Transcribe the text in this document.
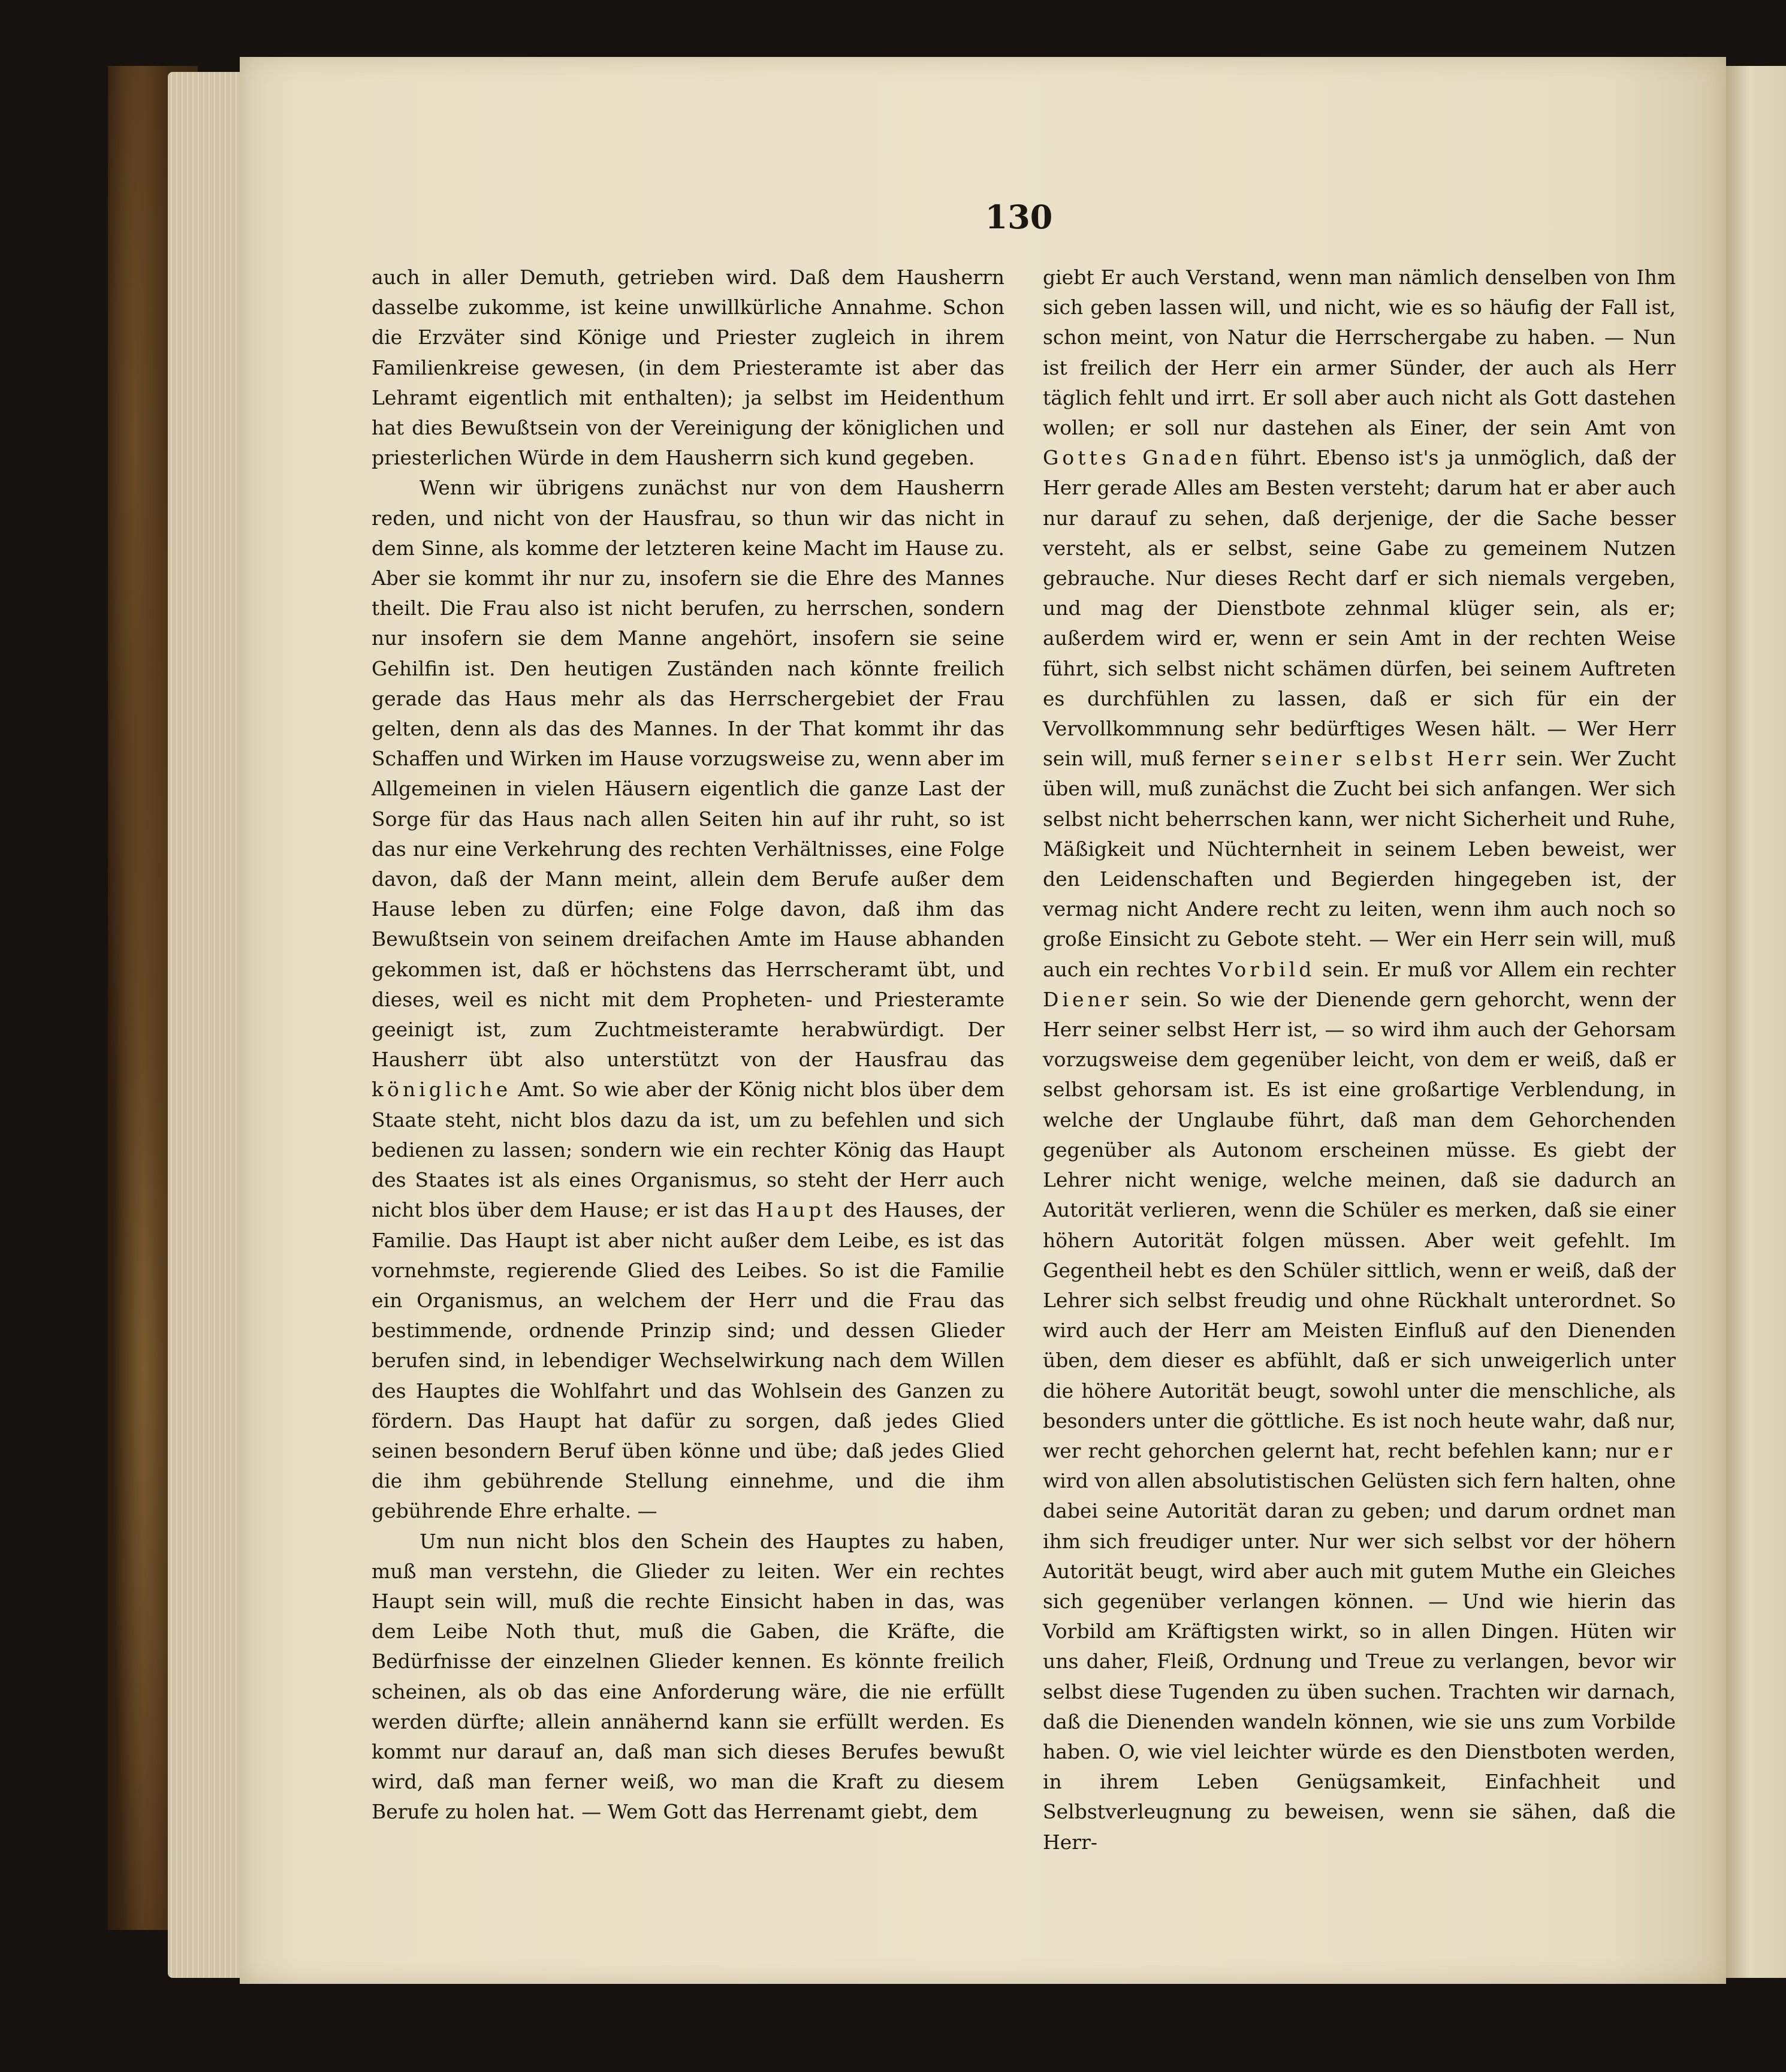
130

auch in aller Demuth, getrieben wird. Daß dem Hausherrn dasselbe zukomme, ist keine unwillkürliche Annahme. Schon die Erzväter sind Könige und Priester zugleich in ihrem Familienkreise gewesen, (in dem Priesteramte ist aber das Lehramt eigentlich mit enthalten); ja selbst im Heidenthum hat dies Bewußtsein von der Vereinigung der königlichen und priesterlichen Würde in dem Hausherrn sich kund gegeben.

Wenn wir übrigens zunächst nur von dem Hausherrn reden, und nicht von der Hausfrau, so thun wir das nicht in dem Sinne, als komme der letzteren keine Macht im Hause zu. Aber sie kommt ihr nur zu, insofern sie die Ehre des Mannes theilt. Die Frau also ist nicht berufen, zu herrschen, sondern nur insofern sie dem Manne angehört, insofern sie seine Gehilfin ist. Den heutigen Zuständen nach könnte freilich gerade das Haus mehr als das Herrschergebiet der Frau gelten, denn als das des Mannes. In der That kommt ihr das Schaffen und Wirken im Hause vorzugsweise zu, wenn aber im Allgemeinen in vielen Häusern eigentlich die ganze Last der Sorge für das Haus nach allen Seiten hin auf ihr ruht, so ist das nur eine Verkehrung des rechten Verhältnisses, eine Folge davon, daß der Mann meint, allein dem Berufe außer dem Hause leben zu dürfen; eine Folge davon, daß ihm das Bewußtsein von seinem dreifachen Amte im Hause abhanden gekommen ist, daß er höchstens das Herrscheramt übt, und dieses, weil es nicht mit dem Propheten- und Priesteramte geeinigt ist, zum Zuchtmeisteramte herabwürdigt. Der Hausherr übt also unterstützt von der Hausfrau das königliche Amt. So wie aber der König nicht blos über dem Staate steht, nicht blos dazu da ist, um zu befehlen und sich bedienen zu lassen; sondern wie ein rechter König das Haupt des Staates ist als eines Organismus, so steht der Herr auch nicht blos über dem Hause; er ist das Haupt des Hauses, der Familie. Das Haupt ist aber nicht außer dem Leibe, es ist das vornehmste, regierende Glied des Leibes. So ist die Familie ein Organismus, an welchem der Herr und die Frau das bestimmende, ordnende Prinzip sind; und dessen Glieder berufen sind, in lebendiger Wechselwirkung nach dem Willen des Hauptes die Wohlfahrt und das Wohlsein des Ganzen zu fördern. Das Haupt hat dafür zu sorgen, daß jedes Glied seinen besondern Beruf üben könne und übe; daß jedes Glied die ihm gebührende Stellung einnehme, und die ihm gebührende Ehre erhalte. —

Um nun nicht blos den Schein des Hauptes zu haben, muß man verstehn, die Glieder zu leiten. Wer ein rechtes Haupt sein will, muß die rechte Einsicht haben in das, was dem Leibe Noth thut, muß die Gaben, die Kräfte, die Bedürfnisse der einzelnen Glieder kennen. Es könnte freilich scheinen, als ob das eine Anforderung wäre, die nie erfüllt werden dürfte; allein annähernd kann sie erfüllt werden. Es kommt nur darauf an, daß man sich dieses Berufes bewußt wird, daß man ferner weiß, wo man die Kraft zu diesem Berufe zu holen hat. — Wem Gott das Herrenamt giebt, dem

giebt Er auch Verstand, wenn man nämlich denselben von Ihm sich geben lassen will, und nicht, wie es so häufig der Fall ist, schon meint, von Natur die Herrschergabe zu haben. — Nun ist freilich der Herr ein armer Sünder, der auch als Herr täglich fehlt und irrt. Er soll aber auch nicht als Gott dastehen wollen; er soll nur dastehen als Einer, der sein Amt von Gottes Gnaden führt. Ebenso ist's ja unmöglich, daß der Herr gerade Alles am Besten versteht; darum hat er aber auch nur darauf zu sehen, daß derjenige, der die Sache besser versteht, als er selbst, seine Gabe zu gemeinem Nutzen gebrauche. Nur dieses Recht darf er sich niemals vergeben, und mag der Dienstbote zehnmal klüger sein, als er; außerdem wird er, wenn er sein Amt in der rechten Weise führt, sich selbst nicht schämen dürfen, bei seinem Auftreten es durchfühlen zu lassen, daß er sich für ein der Vervollkommnung sehr bedürftiges Wesen hält. — Wer Herr sein will, muß ferner seiner selbst Herr sein. Wer Zucht üben will, muß zunächst die Zucht bei sich anfangen. Wer sich selbst nicht beherrschen kann, wer nicht Sicherheit und Ruhe, Mäßigkeit und Nüchternheit in seinem Leben beweist, wer den Leidenschaften und Begierden hingegeben ist, der vermag nicht Andere recht zu leiten, wenn ihm auch noch so große Einsicht zu Gebote steht. — Wer ein Herr sein will, muß auch ein rechtes Vorbild sein. Er muß vor Allem ein rechter Diener sein. So wie der Dienende gern gehorcht, wenn der Herr seiner selbst Herr ist, — so wird ihm auch der Gehorsam vorzugsweise dem gegenüber leicht, von dem er weiß, daß er selbst gehorsam ist. Es ist eine großartige Verblendung, in welche der Unglaube führt, daß man dem Gehorchenden gegenüber als Autonom erscheinen müsse. Es giebt der Lehrer nicht wenige, welche meinen, daß sie dadurch an Autorität verlieren, wenn die Schüler es merken, daß sie einer höhern Autorität folgen müssen. Aber weit gefehlt. Im Gegentheil hebt es den Schüler sittlich, wenn er weiß, daß der Lehrer sich selbst freudig und ohne Rückhalt unterordnet. So wird auch der Herr am Meisten Einfluß auf den Dienenden üben, dem dieser es abfühlt, daß er sich unweigerlich unter die höhere Autorität beugt, sowohl unter die menschliche, als besonders unter die göttliche. Es ist noch heute wahr, daß nur, wer recht gehorchen gelernt hat, recht befehlen kann; nur er wird von allen absolutistischen Gelüsten sich fern halten, ohne dabei seine Autorität daran zu geben; und darum ordnet man ihm sich freudiger unter. Nur wer sich selbst vor der höhern Autorität beugt, wird aber auch mit gutem Muthe ein Gleiches sich gegenüber verlangen können. — Und wie hierin das Vorbild am Kräftigsten wirkt, so in allen Dingen. Hüten wir uns daher, Fleiß, Ordnung und Treue zu verlangen, bevor wir selbst diese Tugenden zu üben suchen. Trachten wir darnach, daß die Dienenden wandeln können, wie sie uns zum Vorbilde haben. O, wie viel leichter würde es den Dienstboten werden, in ihrem Leben Genügsamkeit, Einfachheit und Selbstverleugnung zu beweisen, wenn sie sähen, daß die Herr-
